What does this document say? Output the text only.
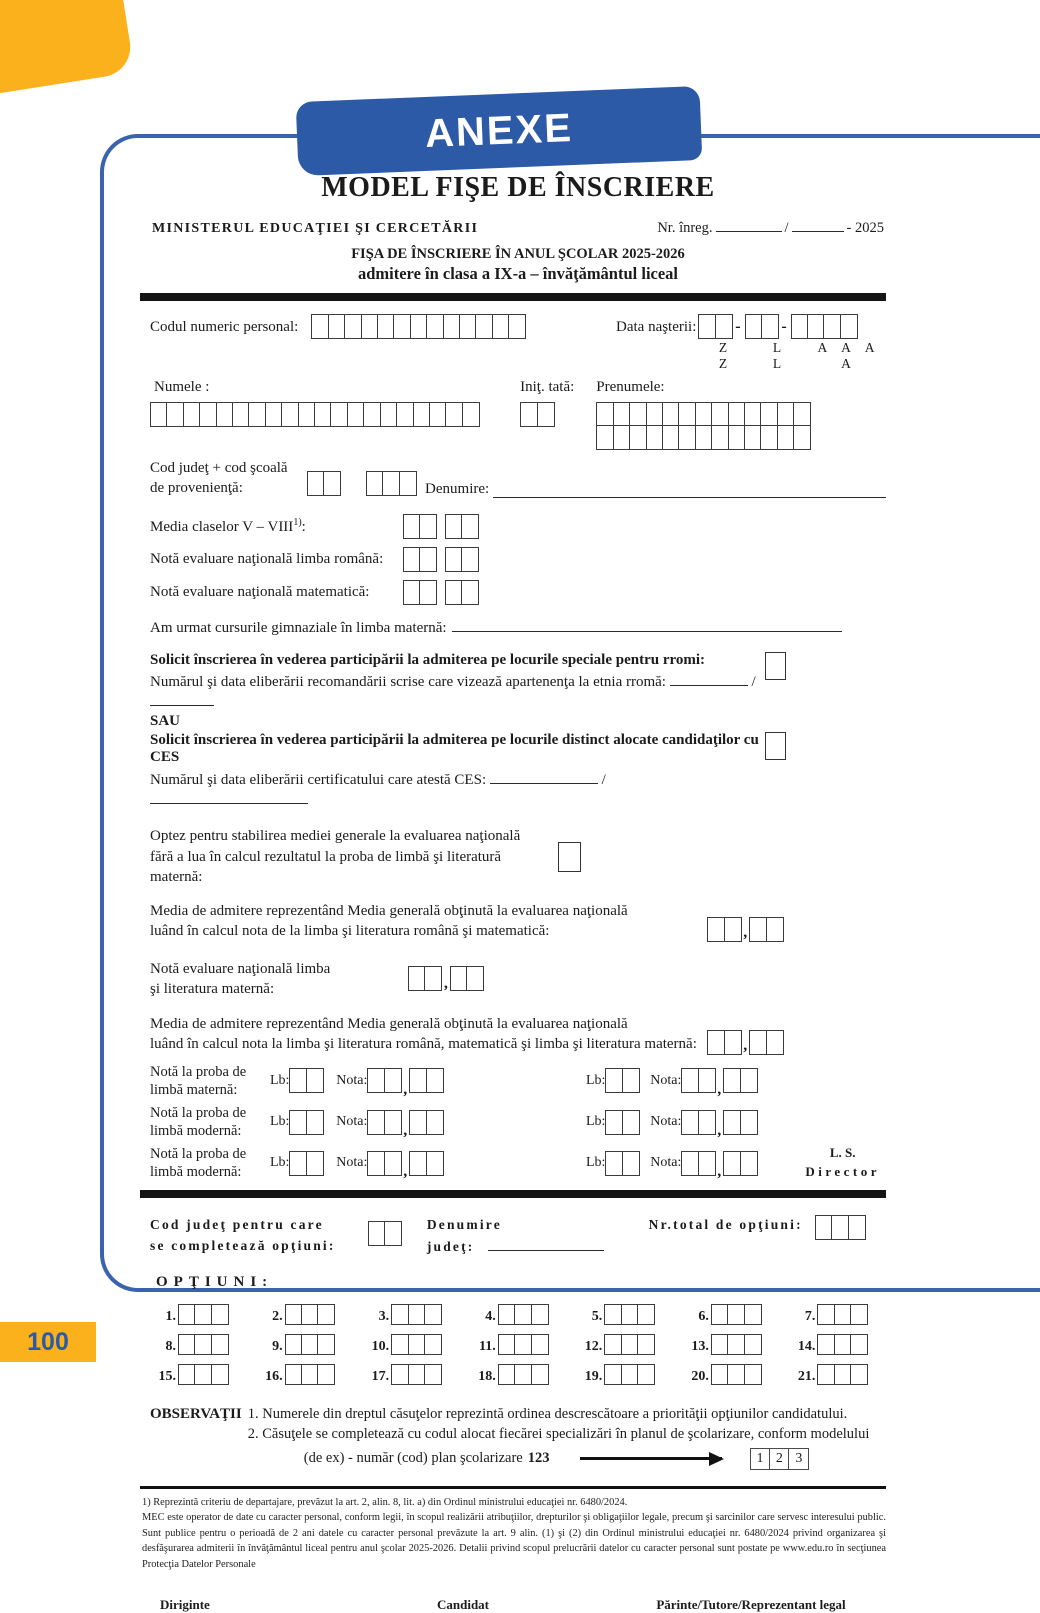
ANEXE
MODEL FIŞE DE ÎNSCRIERE
MINISTERUL EDUCAŢIEI ŞI CERCETĂRII	Nr. înreg.	/	- 2025
FIŞA DE ÎNSCRIERE ÎN ANUL ŞCOLAR 2025-2026
admitere în clasa a IX-a – învăţământul liceal
Codul numeric personal:	Data naşterii: -	-
Z Z
L L
A A A A
Numele :	Iniţ. tată: Prenumele:
Cod judeţ + cod şcoală
de provenienţă:	Denumire:
Media claselor V – VIII$^{1)}$:
Notă evaluare naţională limba română:
Notă evaluare naţională matematică:
Am urmat cursurile gimnaziale în limba maternă:
Solicit înscrierea în vederea participării la admiterea pe locurile speciale pentru rromi:
Numărul şi data eliberării recomandării scrise care vizează apartenenţa la etnia rromă:	/
SAU
Solicit înscrierea în vederea participării la admiterea pe locurile distinct alocate candidaţilor cu CES
Numărul şi data eliberării certificatului care atestă CES:	/
Optez pentru stabilirea mediei generale la evaluarea naţională
fără a lua în calcul rezultatul la proba de limbă şi literatură maternă:
Media de admitere reprezentând Media generală obţinută la evaluarea naţională
luând în calcul nota de la limba şi literatura română şi matematică:	,
Notă evaluare naţională limba
şi literatura maternă:	,
Media de admitere reprezentând Media generală obţinută la evaluarea naţională
luând în calcul nota la limba şi literatura română, matematică şi limba şi literatura maternă:	,
Notă la proba de
limbă maternă:
Lb:	Nota:
,
Lb:	Nota:
,
Notă la proba de
limbă modernă:
Lb:	Nota:
,
Lb:	Nota:
,
Notă la proba de
limbă modernă:
Lb:	Nota:
,
Lb:	Nota:
,
L. S.
Director
Cod judeţ pentru care
se completează opţiuni:
Denumire
judeţ:
Nr.total de opţiuni:
OPŢIUNI:
1.	2.	3.	4.	5.	6.	7.
8.	9.	10.	11.	12.	13.	14.
15.	16.	17.	18.	19.	20.	21.
OBSERVAŢII 1. Numerele din dreptul căsuţelor reprezintă ordinea descrescătoare a priorităţii opţiunilor candidatului.
2. Căsuţele se completează cu codul alocat fiecărei specializări în planul de şcolarizare, conform modelului
(de ex) - număr (cod) plan şcolarizare 123	1 2 3
1) Reprezintă criteriu de departajare, prevăzut la art. 2, alin. 8, lit. a) din Ordinul ministrului educaţiei nr. 6480/2024.
MEC este operator de date cu caracter personal, conform legii, în scopul realizării atribuţiilor, drepturilor şi obligaţiilor legale, precum şi sarcinilor care servesc interesului public. Sunt publice pentru o perioadă de 2 ani datele cu caracter personal prevăzute la art. 9 alin. (1) şi (2) din Ordinul ministrului educaţiei nr. 6480/2024 privind organizarea şi desfăşurarea admiterii în învăţământul liceal pentru anul şcolar 2025-2026. Detalii privind scopul prelucrării datelor cu caracter personal sunt postate pe www.edu.ro în secţiunea Protecţia Datelor Personale
Diriginte	Candidat	Părinte/Tutore/Reprezentant legal
100
